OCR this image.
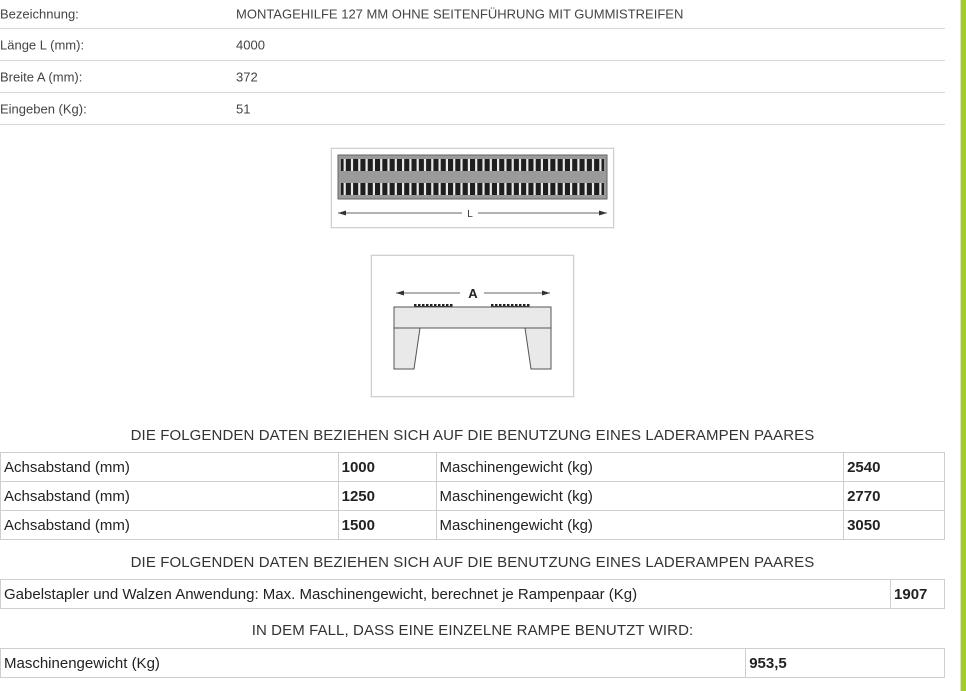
Bezeichnung:	MONTAGEHILFE 127 MM OHNE SEITENFÜHRUNG MIT GUMMISTREIFEN
Länge L (mm):	4000
Breite A (mm):	372
Eingeben (Kg):	51
L
A
DIE FOLGENDEN DATEN BEZIEHEN SICH AUF DIE BENUTZUNG EINES LADERAMPEN PAARES
Achsabstand (mm)	1000	Maschinengewicht (kg)	2540
Achsabstand (mm)	1250	Maschinengewicht (kg)	2770
Achsabstand (mm)	1500	Maschinengewicht (kg)	3050
DIE FOLGENDEN DATEN BEZIEHEN SICH AUF DIE BENUTZUNG EINES LADERAMPEN PAARES
Gabelstapler und Walzen Anwendung: Max. Maschinengewicht, berechnet je Rampenpaar (Kg)	1907
IN DEM FALL, DASS EINE EINZELNE RAMPE BENUTZT WIRD:
Maschinengewicht (Kg)	953,5
